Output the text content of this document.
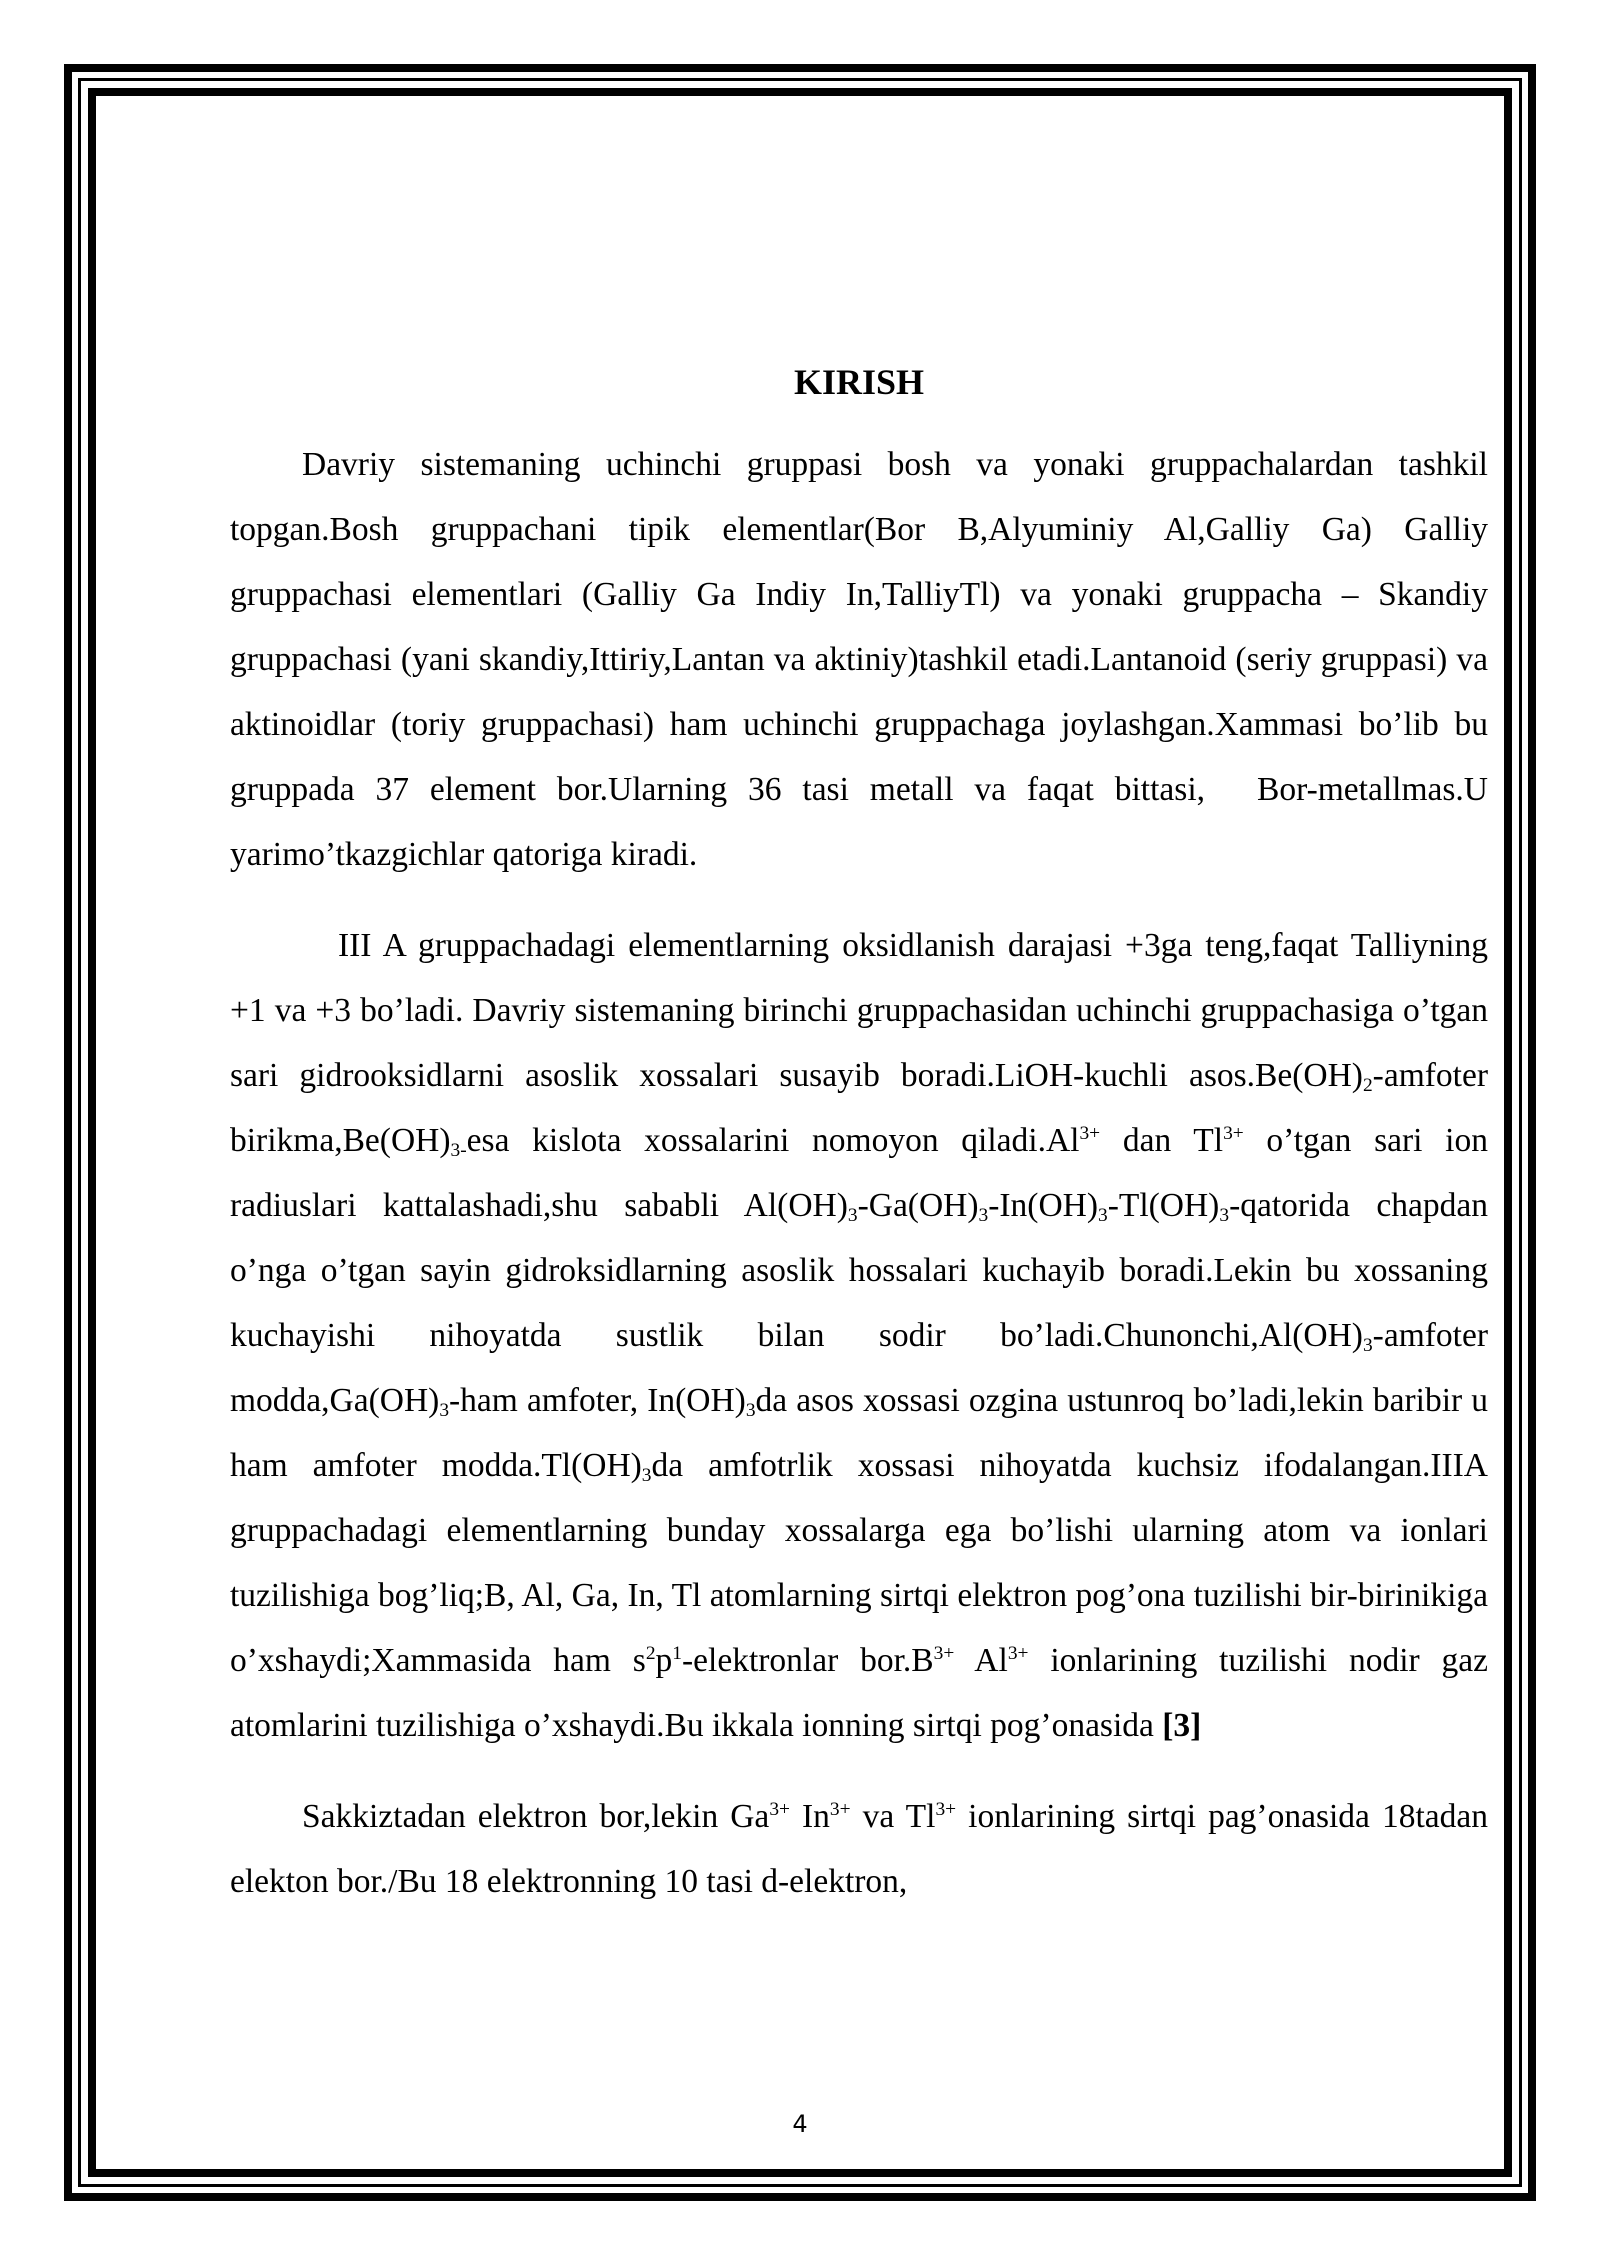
KIRISH

Davriy sistemaning uchinchi gruppasi bosh va yonaki gruppachalardan tashkil topgan.Bosh gruppachani tipik elementlar(Bor B,Alyuminiy Al,Galliy Ga) Galliy gruppachasi elementlari (Galliy Ga Indiy In,TalliyTl) va yonaki gruppacha – Skandiy gruppachasi (yani skandiy,Ittiriy,Lantan va aktiniy)tashkil etadi.Lantanoid (seriy gruppasi) va aktinoidlar (toriy gruppachasi) ham uchinchi gruppachaga joylashgan.Xammasi bo’lib bu gruppada 37 element bor.Ularning 36 tasi metall va faqat bittasi, Bor-metallmas.U yarimo’tkazgichlar qatoriga kiradi.

III A gruppachadagi elementlarning oksidlanish darajasi +3ga teng,faqat Talliyning +1 va +3 bo’ladi. Davriy sistemaning birinchi gruppachasidan uchinchi gruppachasiga o’tgan sari gidrooksidlarni asoslik xossalari susayib boradi.LiOH-kuchli $asos.Be(OH)_2$-amfoter $birikma,Be(OH)_{3-}esa$ kislota xossalarini nomoyon $qiladi.Al^{3+}$ dan $Tl^{3+}$ o’tgan sari ion radiuslari kattalashadi,shu sababli $Al(OH)_3-Ga(OH)_3-In(OH)_3-Tl(OH)_3$-qatorida chapdan o’nga o’tgan sayin gidroksidlarning asoslik hossalari kuchayib boradi.Lekin bu xossaning kuchayishi nihoyatda sustlik bilan sodir $bo’ladi.Chunonchi,Al(OH)_3$-amfoter $modda,Ga(OH)_3$-ham amfoter, $In(OH)_3da$ asos xossasi ozgina ustunroq bo’ladi,lekin baribir u ham amfoter $modda.Tl(OH)_3da$ amfotrlik xossasi nihoyatda kuchsiz ifodalangan.IIIA gruppachadagi elementlarning bunday xossalarga ega bo’lishi ularning atom va ionlari tuzilishiga bog’liq;B, Al, Ga, In, Tl atomlarning sirtqi elektron pog’ona tuzilishi bir-birinikiga o’xshaydi;Xammasida ham $s^2p^1$-elektronlar $bor.B^{3+}$ $Al^{3+}$ ionlarining tuzilishi nodir gaz atomlarini tuzilishiga o’xshaydi.Bu ikkala ionning sirtqi pog’onasida [3]

Sakkiztadan elektron bor,lekin $Ga^{3+}$ $In^{3+}$ va $Tl^{3+}$ ionlarining sirtqi pag’onasida 18tadan elekton bor./Bu 18 elektronning 10 tasi d-elektron,

4
